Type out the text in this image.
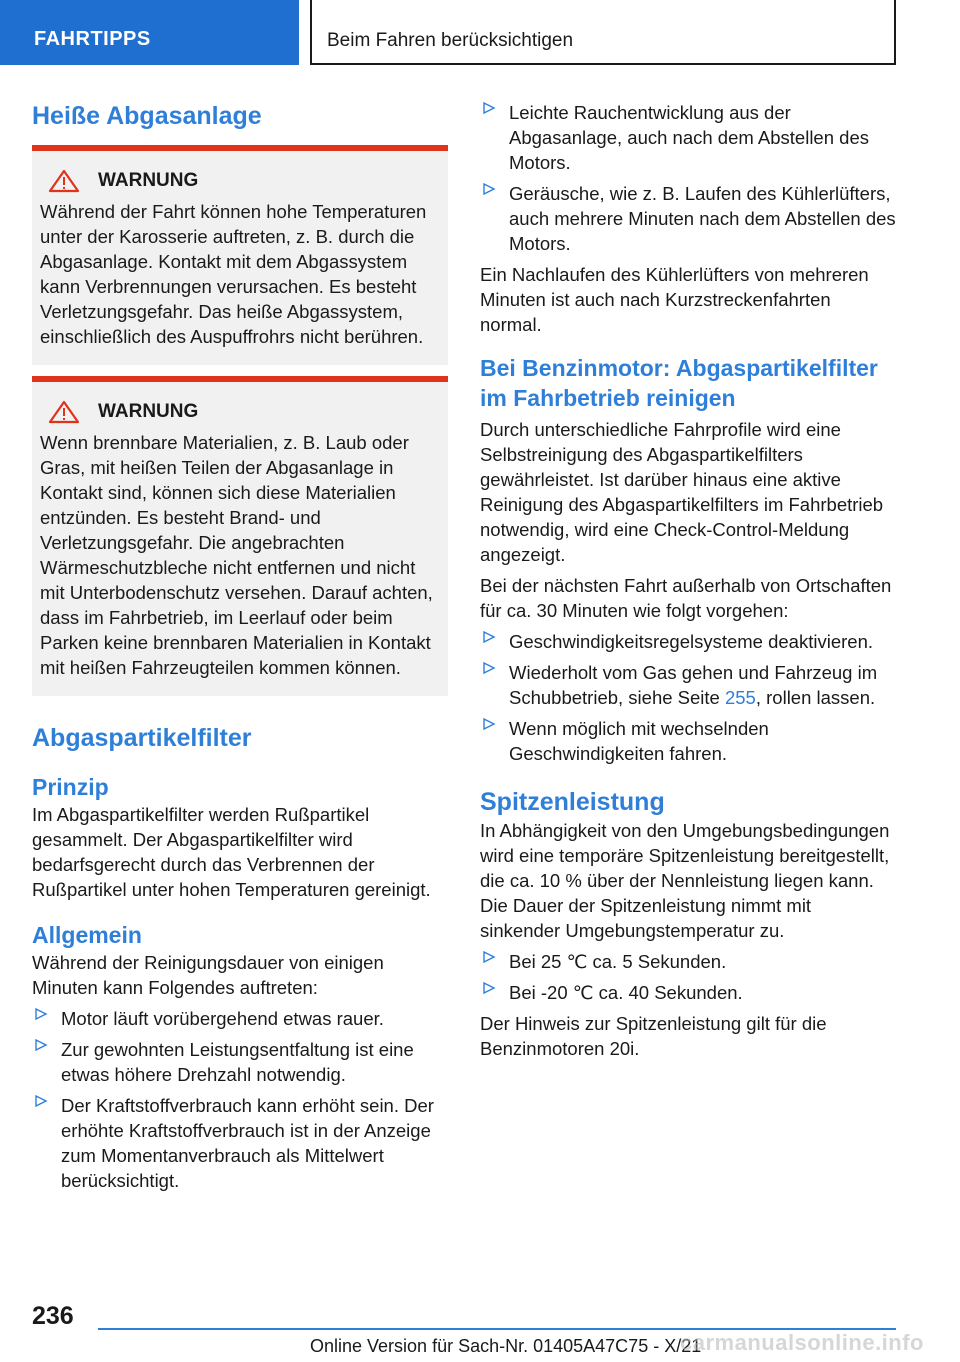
FAHRTIPPS	Beim Fahren berücksichtigen
Heiße Abgasanlage
WARNUNG

Während der Fahrt können hohe Temperaturen unter der Karosserie auftreten, z. B. durch die Abgasanlage. Kontakt mit dem Abgassystem kann Verbrennungen verursachen. Es besteht Verletzungsgefahr. Das heiße Abgassystem, einschließlich des Auspuffrohrs nicht berühren.

WARNUNG

Wenn brennbare Materialien, z. B. Laub oder Gras, mit heißen Teilen der Abgasanlage in Kontakt sind, können sich diese Materialien entzünden. Es besteht Brand- und Verletzungsgefahr. Die angebrachten Wärmeschutzbleche nicht entfernen und nicht mit Unterbodenschutz versehen. Darauf achten, dass im Fahrbetrieb, im Leerlauf oder beim Parken keine brennbaren Materialien in Kontakt mit heißen Fahrzeugteilen kommen können.

Abgaspartikelfilter
Prinzip

Im Abgaspartikelfilter werden Rußpartikel gesammelt. Der Abgaspartikelfilter wird bedarfsgerecht durch das Verbrennen der Rußpartikel unter hohen Temperaturen gereinigt.

Allgemein

Während der Reinigungsdauer von einigen Minuten kann Folgendes auftreten:

Motor läuft vorübergehend etwas rauer.
Zur gewohnten Leistungsentfaltung ist eine etwas höhere Drehzahl notwendig.
Der Kraftstoffverbrauch kann erhöht sein. Der erhöhte Kraftstoffverbrauch ist in der Anzeige zum Momentanverbrauch als Mittelwert berücksichtigt.
Leichte Rauchentwicklung aus der Abgasanlage, auch nach dem Abstellen des Motors.
Geräusche, wie z. B. Laufen des Kühlerlüfters, auch mehrere Minuten nach dem Abstellen des Motors.

Ein Nachlaufen des Kühlerlüfters von mehreren Minuten ist auch nach Kurzstreckenfahrten normal.

Bei Benzinmotor: Abgaspartikelfilter im Fahrbetrieb reinigen

Durch unterschiedliche Fahrprofile wird eine Selbstreinigung des Abgaspartikelfilters gewährleistet. Ist darüber hinaus eine aktive Reinigung des Abgaspartikelfilters im Fahrbetrieb notwendig, wird eine Check-Control-Meldung angezeigt.

Bei der nächsten Fahrt außerhalb von Ortschaften für ca. 30 Minuten wie folgt vorgehen:

Geschwindigkeitsregelsysteme deaktivieren.
Wiederholt vom Gas gehen und Fahrzeug im Schubbetrieb, siehe Seite 255, rollen lassen.
Wenn möglich mit wechselnden Geschwindigkeiten fahren.
Spitzenleistung

In Abhängigkeit von den Umgebungsbedingungen wird eine temporäre Spitzenleistung bereitgestellt, die ca. 10 % über der Nennleistung liegen kann. Die Dauer der Spitzenleistung nimmt mit sinkender Umgebungstemperatur zu.

Bei 25 ℃ ca. 5 Sekunden.
Bei -20 ℃ ca. 40 Sekunden.

Der Hinweis zur Spitzenleistung gilt für die Benzinmotoren 20i.

236
Online Version für Sach-Nr. 01405A47C75 - X/21
carmanualsonline.info
